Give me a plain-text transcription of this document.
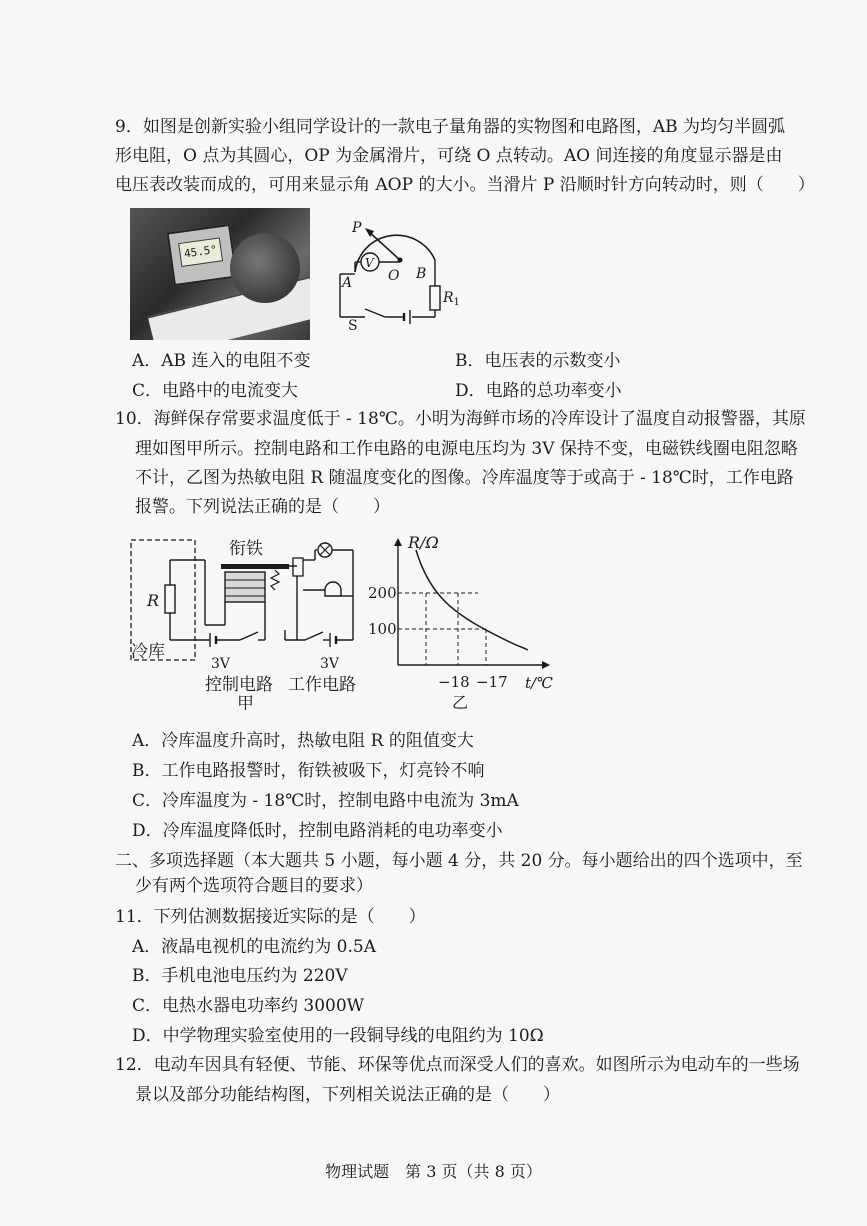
9．如图是创新实验小组同学设计的一款电子量角器的实物图和电路图，AB 为均匀半圆弧
形电阻，O 点为其圆心，OP 为金属滑片，可绕 O 点转动。AO 间连接的角度显示器是由
电压表改装而成的，可用来显示角 AOP 的大小。当滑片 P 沿顺时针方向转动时，则（　　）
45.5°
P
V
O
A
B
$R_1$
S
A．AB 连入的电阻不变	B．电压表的示数变小
C．电路中的电流变大	D．电路的总功率变小
10．海鲜保存常要求温度低于 - 18℃。小明为海鲜市场的冷库设计了温度自动报警器，其原
理如图甲所示。控制电路和工作电路的电源电压均为 3V 保持不变，电磁铁线圈电阻忽略
不计，乙图为热敏电阻 R 随温度变化的图像。冷库温度等于或高于 - 18℃时，工作电路
报警。下列说法正确的是（　　）
衔铁
R
冷库
3V	3V
控制电路 工作电路
甲
200
100
−18 −17
R/Ω
t/℃
乙
A．冷库温度升高时，热敏电阻 R 的阻值变大
B．工作电路报警时，衔铁被吸下，灯亮铃不响
C．冷库温度为 - 18℃时，控制电路中电流为 3mA
D．冷库温度降低时，控制电路消耗的电功率变小
二、多项选择题（本大题共 5 小题，每小题 4 分，共 20 分。每小题给出的四个选项中，至
少有两个选项符合题目的要求）
11．下列估测数据接近实际的是（　　）
A．液晶电视机的电流约为 0.5A
B．手机电池电压约为 220V
C．电热水器电功率约 3000W
D．中学物理实验室使用的一段铜导线的电阻约为 10Ω
12．电动车因具有轻便、节能、环保等优点而深受人们的喜欢。如图所示为电动车的一些场
景以及部分功能结构图，下列相关说法正确的是（　　）
物理试题　第 3 页（共 8 页）
